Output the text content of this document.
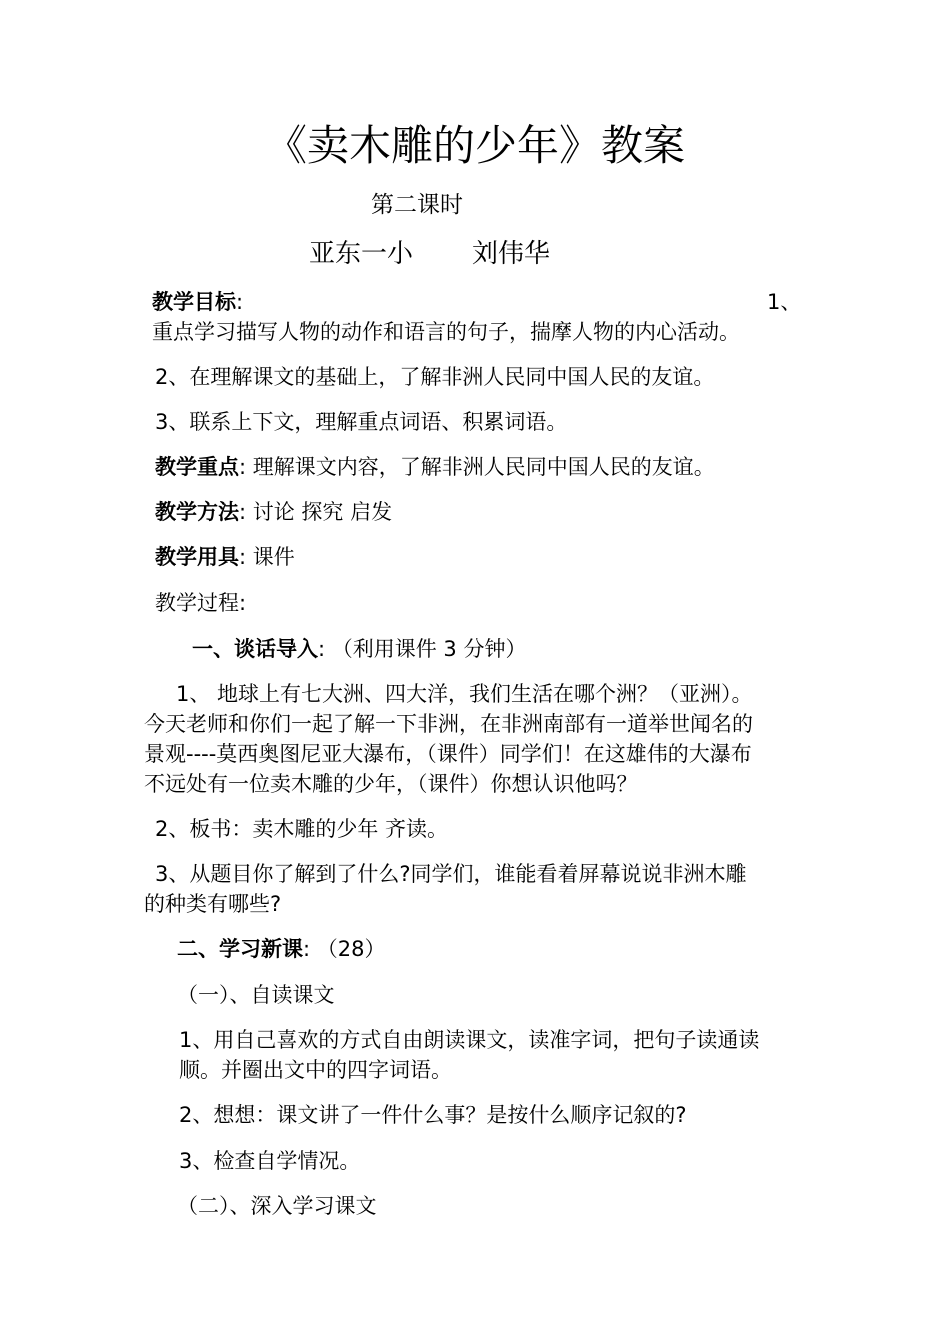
《卖木雕的少年》教案
第二课时
亚东一小 刘伟华
教学目标:	1、
重点学习描写人物的动作和语言的句子，揣摩人物的内心活动。
2、在理解课文的基础上，了解非洲人民同中国人民的友谊。
3、联系上下文，理解重点词语、积累词语。
教学重点: 理解课文内容，了解非洲人民同中国人民的友谊。
教学方法: 讨论 探究 启发
教学用具: 课件
教学过程:
一、谈话导入: （利用课件 3 分钟）
1、 地球上有七大洲、四大洋，我们生活在哪个洲？（亚洲）。
今天老师和你们一起了解一下非洲，在非洲南部有一道举世闻名的
景观----莫西奥图尼亚大瀑布，（课件）同学们！在这雄伟的大瀑布
不远处有一位卖木雕的少年，（课件）你想认识他吗？
2、板书：卖木雕的少年 齐读。
3、从题目你了解到了什么?同学们，谁能看着屏幕说说非洲木雕
的种类有哪些?
二、学习新课: （28）
（一）、自读课文
1、用自己喜欢的方式自由朗读课文，读准字词，把句子读通读
顺。并圈出文中的四字词语。
2、想想：课文讲了一件什么事？是按什么顺序记叙的?
3、检查自学情况。
（二）、深入学习课文
